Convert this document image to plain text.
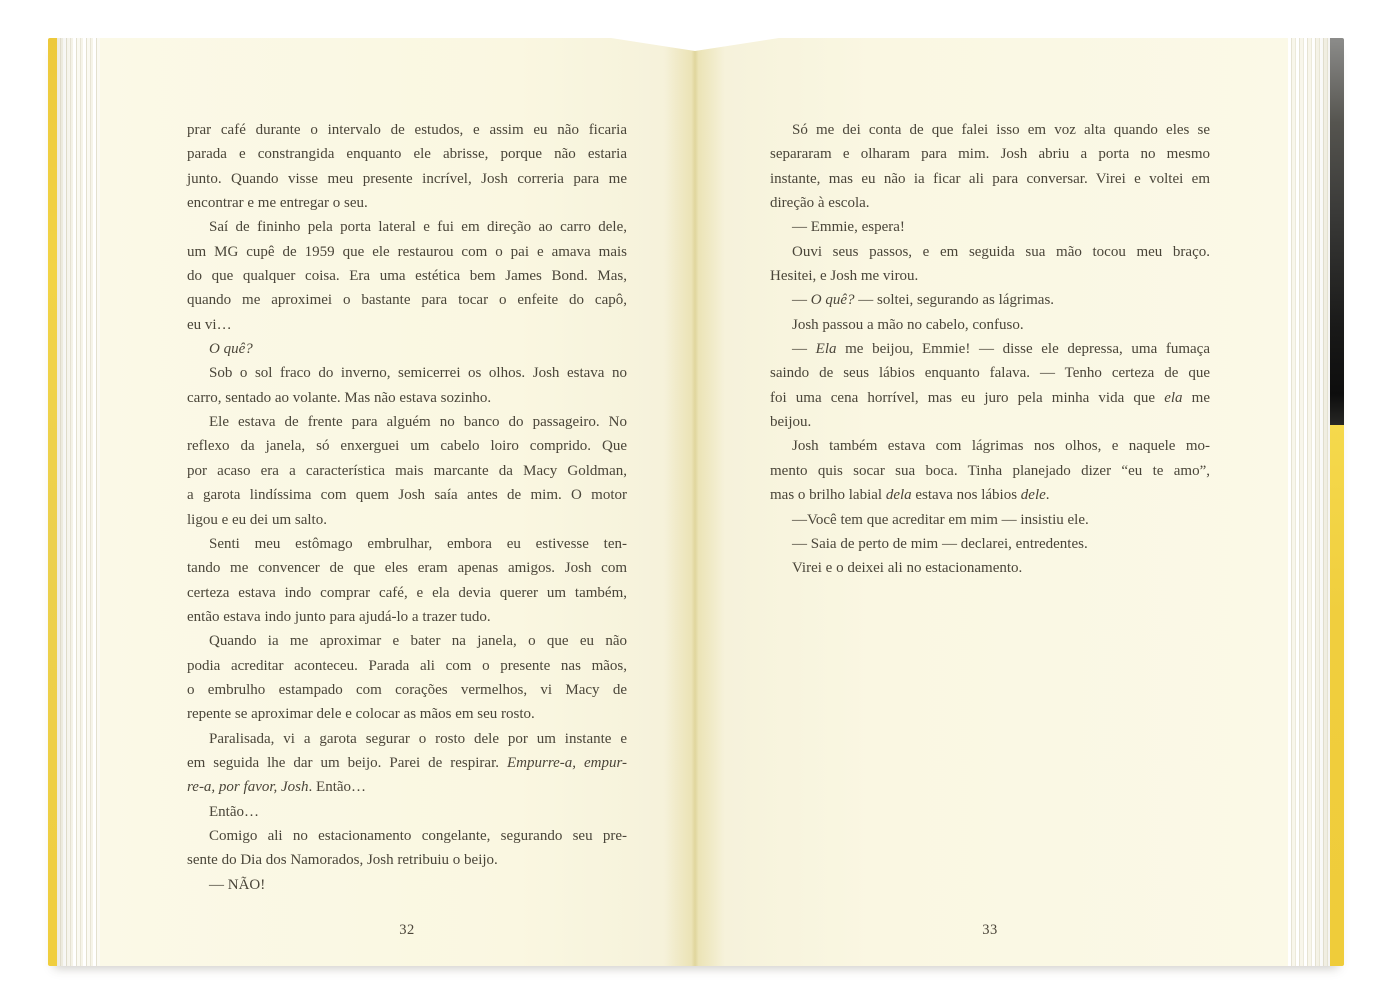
prar café durante o intervalo de estudos, e assim eu não ficaria
parada e constrangida enquanto ele abrisse, porque não estaria
junto. Quando visse meu presente incrível, Josh correria para me
encontrar e me entregar o seu.
Saí de fininho pela porta lateral e fui em direção ao carro dele,
um MG cupê de 1959 que ele restaurou com o pai e amava mais
do que qualquer coisa. Era uma estética bem James Bond. Mas,
quando me aproximei o bastante para tocar o enfeite do capô,
eu vi…
O quê?
Sob o sol fraco do inverno, semicerrei os olhos. Josh estava no
carro, sentado ao volante. Mas não estava sozinho.
Ele estava de frente para alguém no banco do passageiro. No
reflexo da janela, só enxerguei um cabelo loiro comprido. Que
por acaso era a característica mais marcante da Macy Goldman,
a garota lindíssima com quem Josh saía antes de mim. O motor
ligou e eu dei um salto.
Senti meu estômago embrulhar, embora eu estivesse ten-
tando me convencer de que eles eram apenas amigos. Josh com
certeza estava indo comprar café, e ela devia querer um também,
então estava indo junto para ajudá-lo a trazer tudo.
Quando ia me aproximar e bater na janela, o que eu não
podia acreditar aconteceu. Parada ali com o presente nas mãos,
o embrulho estampado com corações vermelhos, vi Macy de
repente se aproximar dele e colocar as mãos em seu rosto.
Paralisada, vi a garota segurar o rosto dele por um instante e
em seguida lhe dar um beijo. Parei de respirar. Empurre-a, empur-
re-a, por favor, Josh. Então…
Então…
Comigo ali no estacionamento congelante, segurando seu pre-
sente do Dia dos Namorados, Josh retribuiu o beijo.
— NÃO!
32
Só me dei conta de que falei isso em voz alta quando eles se
separaram e olharam para mim. Josh abriu a porta no mesmo
instante, mas eu não ia ficar ali para conversar. Virei e voltei em
direção à escola.
— Emmie, espera!
Ouvi seus passos, e em seguida sua mão tocou meu braço.
Hesitei, e Josh me virou.
— O quê? — soltei, segurando as lágrimas.
Josh passou a mão no cabelo, confuso.
— Ela me beijou, Emmie! — disse ele depressa, uma fumaça
saindo de seus lábios enquanto falava. — Tenho certeza de que
foi uma cena horrível, mas eu juro pela minha vida que ela me
beijou.
Josh também estava com lágrimas nos olhos, e naquele mo-
mento quis socar sua boca. Tinha planejado dizer “eu te amo”,
mas o brilho labial dela estava nos lábios dele.
—Você tem que acreditar em mim — insistiu ele.
— Saia de perto de mim — declarei, entredentes.
Virei e o deixei ali no estacionamento.
33
